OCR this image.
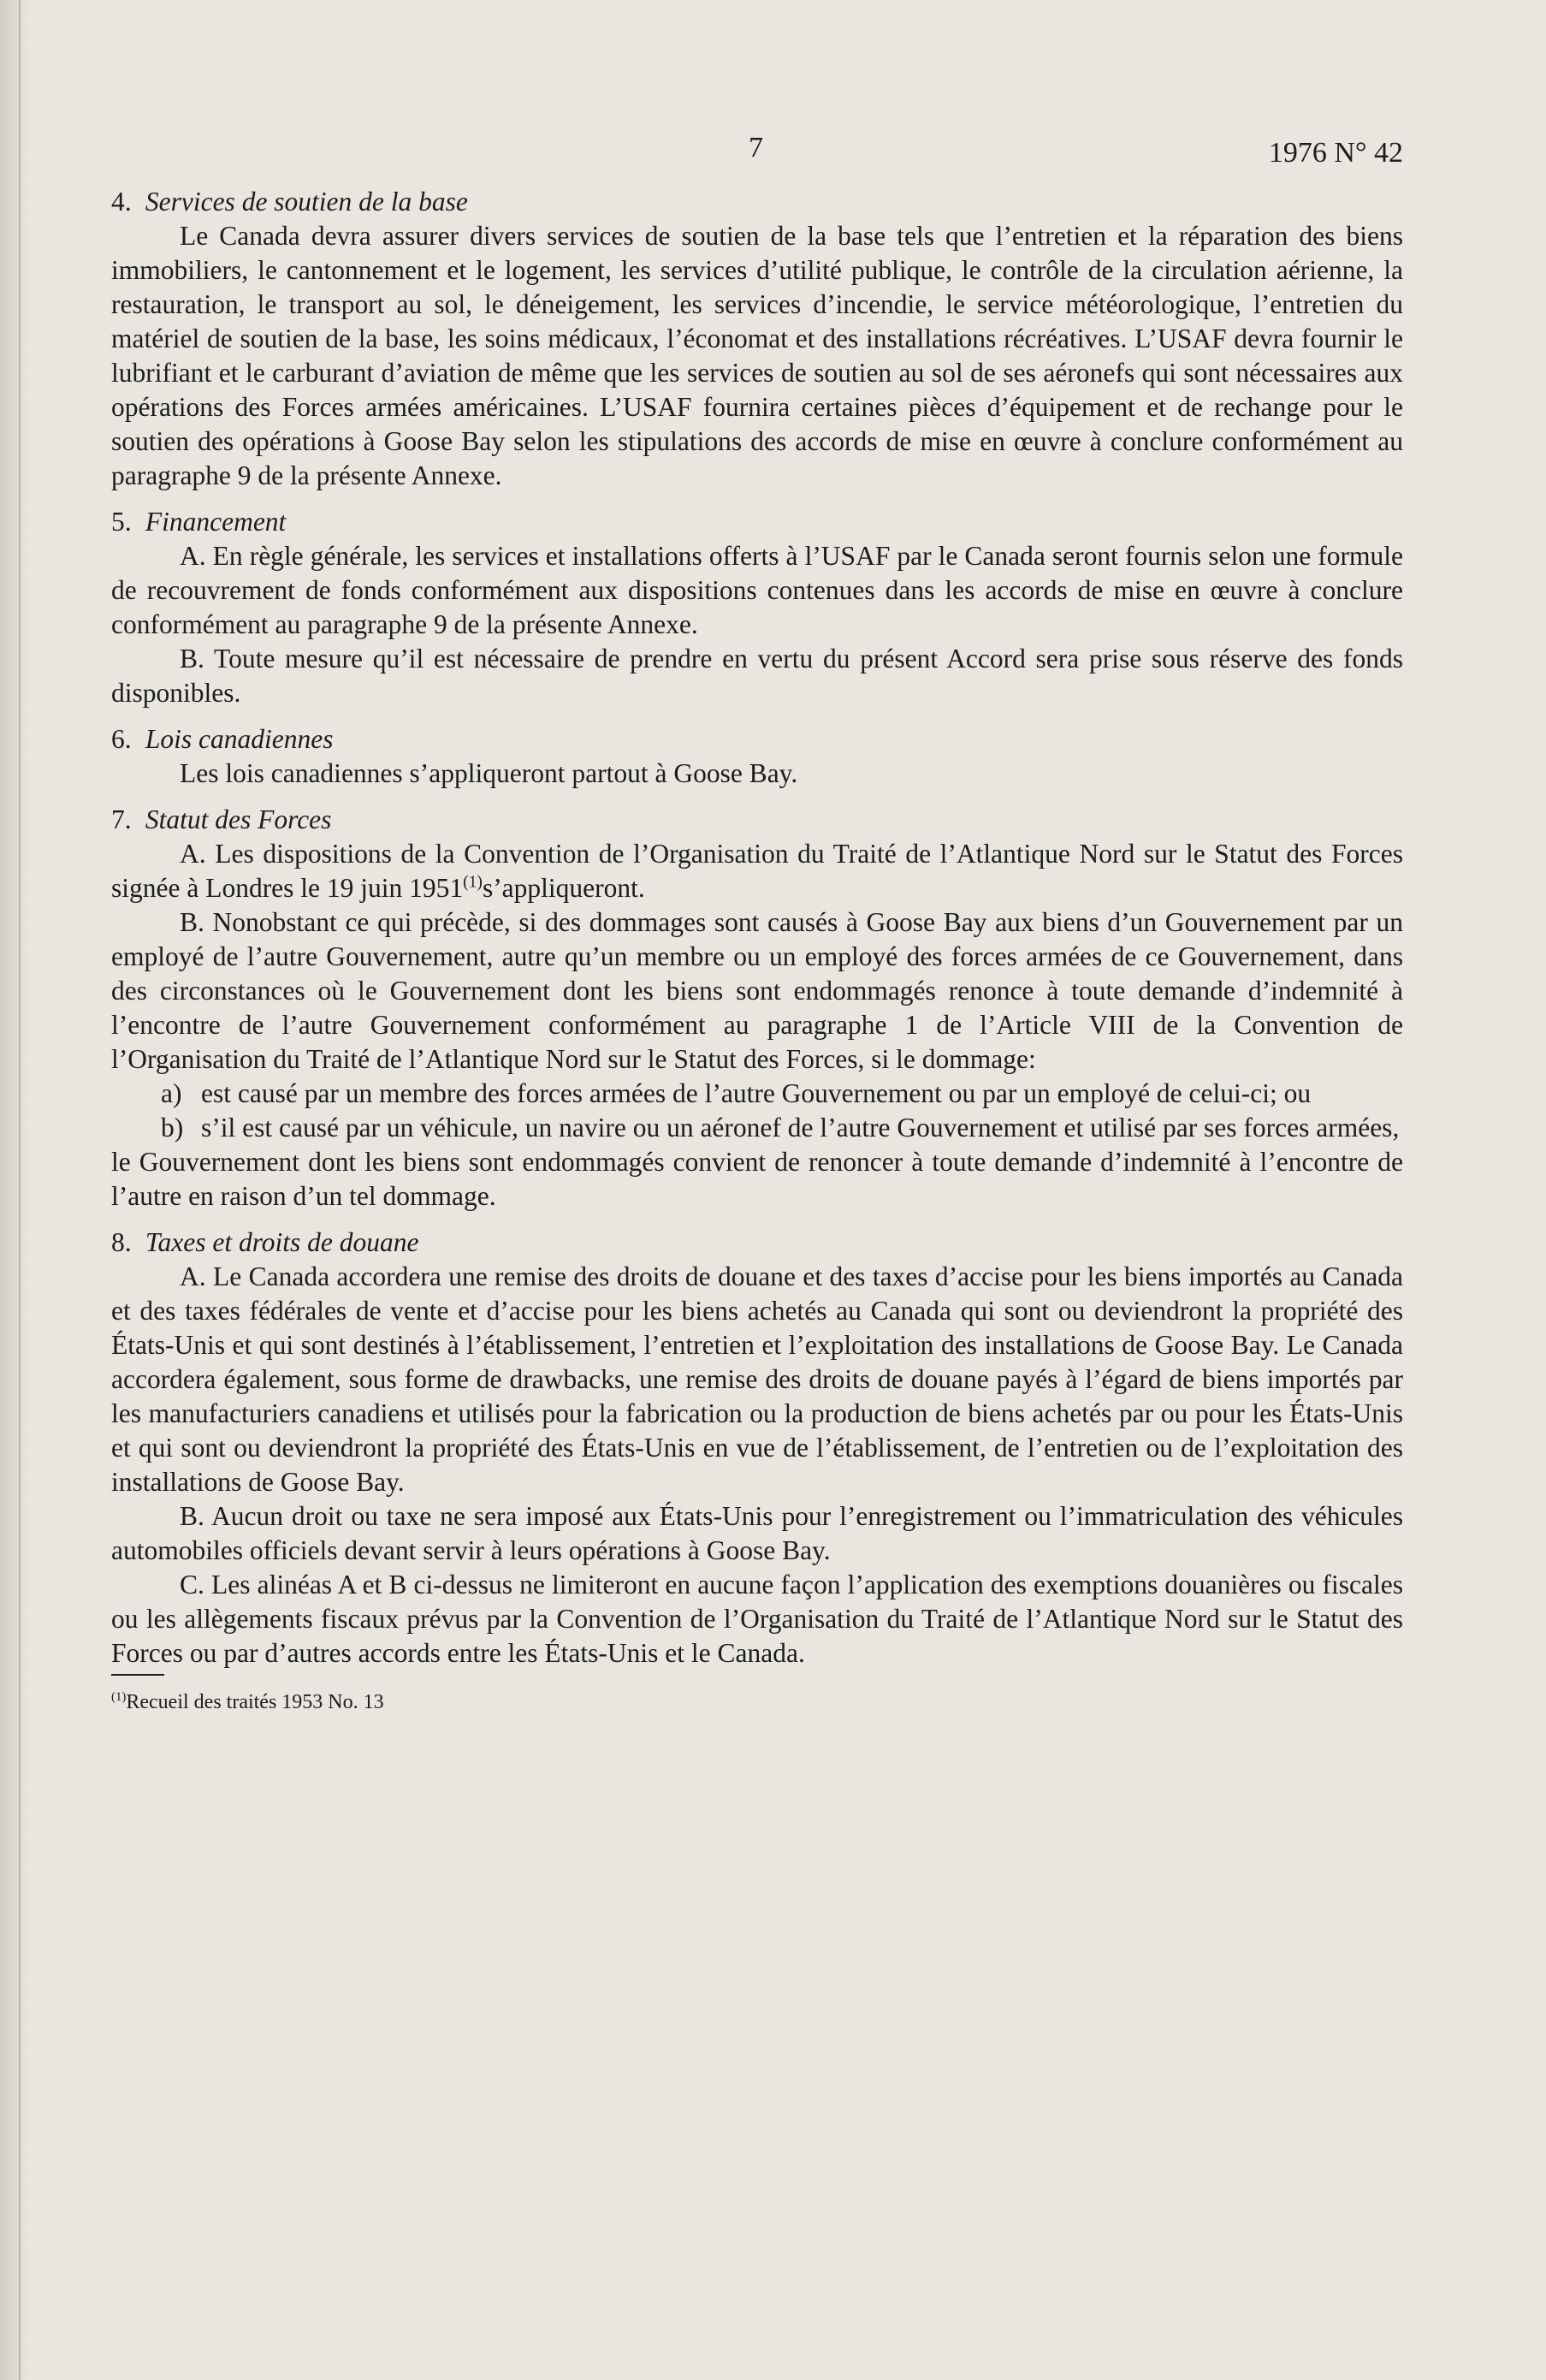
7	1976 N° 42
4. Services de soutien de la base

Le Canada devra assurer divers services de soutien de la base tels que l’entretien et la réparation des biens immobiliers, le cantonnement et le logement, les services d’utilité publique, le contrôle de la circulation aérienne, la restauration, le transport au sol, le déneigement, les services d’incendie, le service météorologique, l’entretien du matériel de soutien de la base, les soins médicaux, l’économat et des installations récréatives. L’USAF devra fournir le lubrifiant et le carburant d’aviation de même que les services de soutien au sol de ses aéronefs qui sont nécessaires aux opérations des Forces armées américaines. L’USAF fournira certaines pièces d’équipement et de rechange pour le soutien des opérations à Goose Bay selon les stipulations des accords de mise en œuvre à conclure conformément au paragraphe 9 de la présente Annexe.

5. Financement

A. En règle générale, les services et installations offerts à l’USAF par le Canada seront fournis selon une formule de recouvrement de fonds conformément aux dispositions contenues dans les accords de mise en œuvre à conclure conformément au paragraphe 9 de la présente Annexe.

B. Toute mesure qu’il est nécessaire de prendre en vertu du présent Accord sera prise sous réserve des fonds disponibles.

6. Lois canadiennes

Les lois canadiennes s’appliqueront partout à Goose Bay.

7. Statut des Forces

A. Les dispositions de la Convention de l’Organisation du Traité de l’Atlantique Nord sur le Statut des Forces signée à Londres le 19 juin 1951$^{(1)}$s’appliqueront.

B. Nonobstant ce qui précède, si des dommages sont causés à Goose Bay aux biens d’un Gouvernement par un employé de l’autre Gouvernement, autre qu’un membre ou un employé des forces armées de ce Gouvernement, dans des circonstances où le Gouvernement dont les biens sont endommagés renonce à toute demande d’indemnité à l’encontre de l’autre Gouvernement conformément au paragraphe 1 de l’Article VIII de la Convention de l’Organisation du Traité de l’Atlantique Nord sur le Statut des Forces, si le dommage:

a) est causé par un membre des forces armées de l’autre Gouvernement ou par un employé de celui-ci; ou

b) s’il est causé par un véhicule, un navire ou un aéronef de l’autre Gouvernement et utilisé par ses forces armées,

le Gouvernement dont les biens sont endommagés convient de renoncer à toute demande d’indemnité à l’encontre de l’autre en raison d’un tel dommage.

8. Taxes et droits de douane

A. Le Canada accordera une remise des droits de douane et des taxes d’accise pour les biens importés au Canada et des taxes fédérales de vente et d’accise pour les biens achetés au Canada qui sont ou deviendront la propriété des États-Unis et qui sont destinés à l’établissement, l’entretien et l’exploitation des installations de Goose Bay. Le Canada accordera également, sous forme de drawbacks, une remise des droits de douane payés à l’égard de biens importés par les manufacturiers canadiens et utilisés pour la fabrication ou la production de biens achetés par ou pour les États-Unis et qui sont ou deviendront la propriété des États-Unis en vue de l’établissement, de l’entretien ou de l’exploitation des installations de Goose Bay.

B. Aucun droit ou taxe ne sera imposé aux États-Unis pour l’enregistrement ou l’immatriculation des véhicules automobiles officiels devant servir à leurs opérations à Goose Bay.

C. Les alinéas A et B ci-dessus ne limiteront en aucune façon l’application des exemptions douanières ou fiscales ou les allègements fiscaux prévus par la Convention de l’Organisation du Traité de l’Atlantique Nord sur le Statut des Forces ou par d’autres accords entre les États-Unis et le Canada.

$^{(1)}$Recueil des traités 1953 No. 13
